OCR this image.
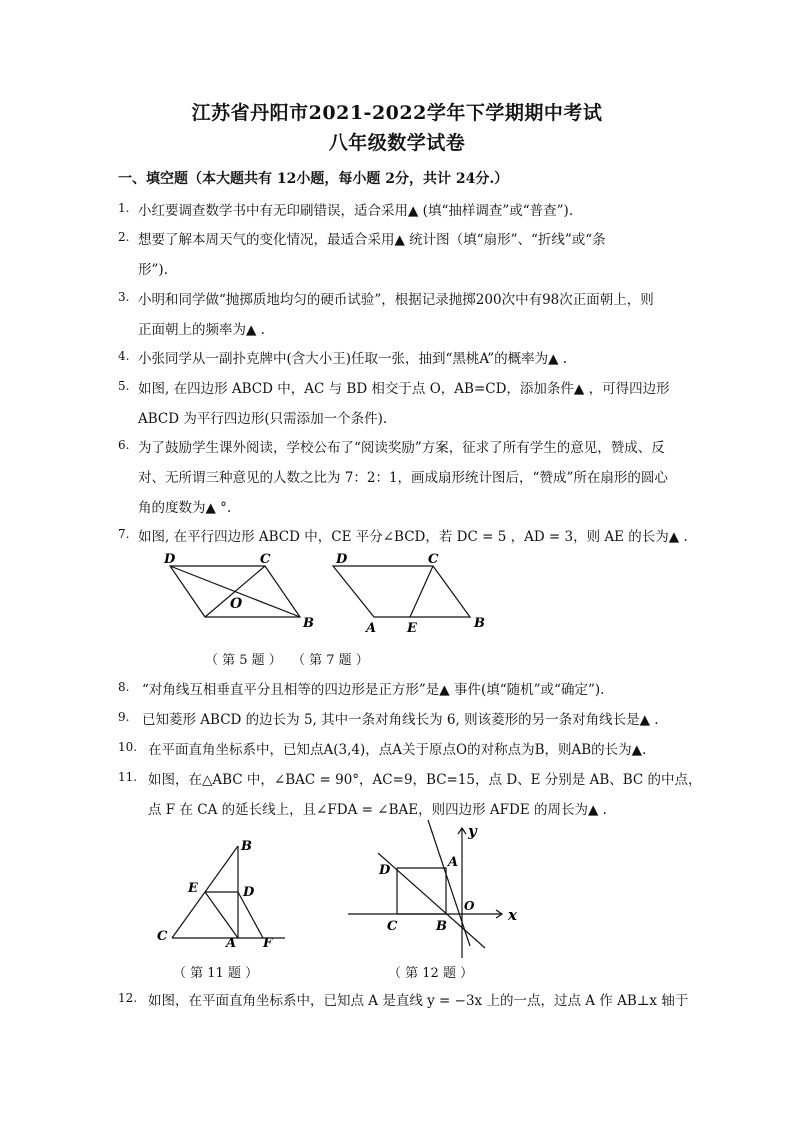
江苏省丹阳市2021-2022学年下学期期中考试
八年级数学试卷
一、填空题（本大题共有 12小题，每小题 2分，共计 24分.）
1. 小红要调查数学书中有无印刷错误，适合采用▲ (填“抽样调查”或“普查”).
2. 想要了解本周天气的变化情况，最适合采用▲ 统计图（填“扇形”、“折线”或“条
形”).
3. 小明和同学做“抛掷质地均匀的硬币试验”，根据记录抛掷200次中有98次正面朝上，则
正面朝上的频率为▲ .
4. 小张同学从一副扑克牌中(含大小王)任取一张，抽到“黑桃A”的概率为▲ .
5. 如图, 在四边形 ABCD 中，AC 与 BD 相交于点 O，AB=CD，添加条件▲ ，可得四边形
ABCD 为平行四边形(只需添加一个条件).
6. 为了鼓励学生课外阅读，学校公布了“阅读奖励”方案，征求了所有学生的意见，赞成、反
对、无所谓三种意见的人数之比为 7：2：1，画成扇形统计图后，“赞成”所在扇形的圆心
角的度数为▲ °.
7. 如图, 在平行四边形 ABCD 中，CE 平分∠BCD，若 DC = 5 ，AD = 3，则 AE 的长为▲ .
D	C
O
B
D	C
A E	B
（ 第 5 题 ） （ 第 7 题 ）
8. “对角线互相垂直平分且相等的四边形是正方形”是▲ 事件(填“随机”或“确定”).
9. 已知菱形 ABCD 的边长为 5, 其中一条对角线长为 6, 则该菱形的另一条对角线长是▲ .
10. 在平面直角坐标系中，已知点A(3,4)，点A关于原点O的对称点为B，则AB的长为▲.
11. 如图，在△ABC 中，∠BAC = 90°，AC=9，BC=15，点 D、E 分别是 AB、BC 的中点，
点 F 在 CA 的延长线上，且∠FDA = ∠BAE，则四边形 AFDE 的周长为▲ .
B
E	D
C	A F
y
x
O
D
A
C	B
（ 第 11 题 ）	（ 第 12 题 ）
12. 如图，在平面直角坐标系中，已知点 A 是直线 y = −3x 上的一点，过点 A 作 AB⊥x 轴于
